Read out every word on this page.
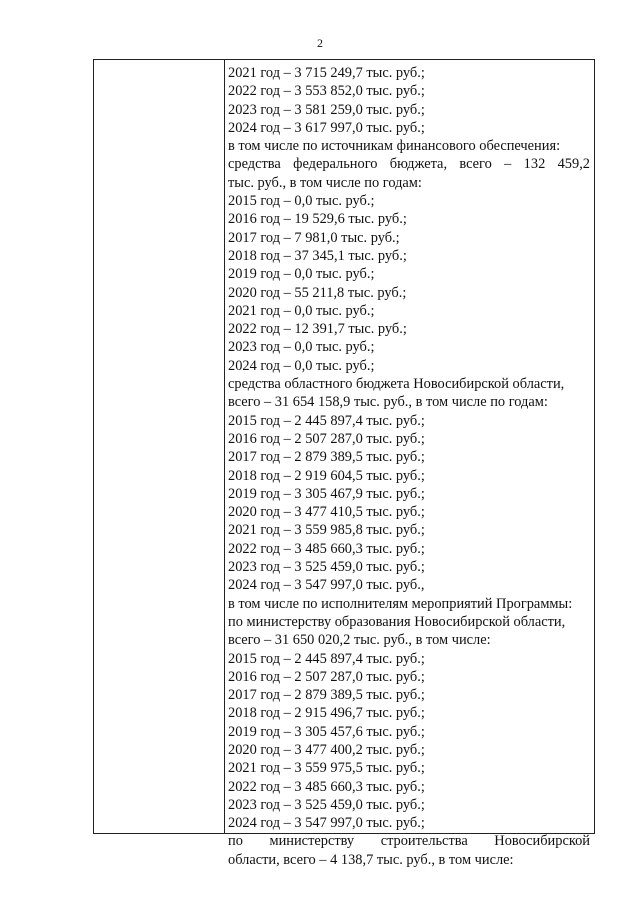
2
2021 год – 3 715 249,7 тыс. руб.;
2022 год – 3 553 852,0 тыс. руб.;
2023 год – 3 581 259,0 тыс. руб.;
2024 год – 3 617 997,0 тыс. руб.;
в том числе по источникам финансового обеспечения:
средства федерального бюджета, всего – 132 459,2
тыс. руб., в том числе по годам:
2015 год – 0,0 тыс. руб.;
2016 год – 19 529,6 тыс. руб.;
2017 год – 7 981,0 тыс. руб.;
2018 год – 37 345,1 тыс. руб.;
2019 год – 0,0 тыс. руб.;
2020 год – 55 211,8 тыс. руб.;
2021 год – 0,0 тыс. руб.;
2022 год – 12 391,7 тыс. руб.;
2023 год – 0,0 тыс. руб.;
2024 год – 0,0 тыс. руб.;
средства областного бюджета Новосибирской области,
всего – 31 654 158,9 тыс. руб., в том числе по годам:
2015 год – 2 445 897,4 тыс. руб.;
2016 год – 2 507 287,0 тыс. руб.;
2017 год – 2 879 389,5 тыс. руб.;
2018 год – 2 919 604,5 тыс. руб.;
2019 год – 3 305 467,9 тыс. руб.;
2020 год – 3 477 410,5 тыс. руб.;
2021 год – 3 559 985,8 тыс. руб.;
2022 год – 3 485 660,3 тыс. руб.;
2023 год – 3 525 459,0 тыс. руб.;
2024 год – 3 547 997,0 тыс. руб.,
в том числе по исполнителям мероприятий Программы:
по министерству образования Новосибирской области,
всего – 31 650 020,2 тыс. руб., в том числе:
2015 год – 2 445 897,4 тыс. руб.;
2016 год – 2 507 287,0 тыс. руб.;
2017 год – 2 879 389,5 тыс. руб.;
2018 год – 2 915 496,7 тыс. руб.;
2019 год – 3 305 457,6 тыс. руб.;
2020 год – 3 477 400,2 тыс. руб.;
2021 год – 3 559 975,5 тыс. руб.;
2022 год – 3 485 660,3 тыс. руб.;
2023 год – 3 525 459,0 тыс. руб.;
2024 год – 3 547 997,0 тыс. руб.;
по министерству строительства Новосибирской
области, всего – 4 138,7 тыс. руб., в том числе:
